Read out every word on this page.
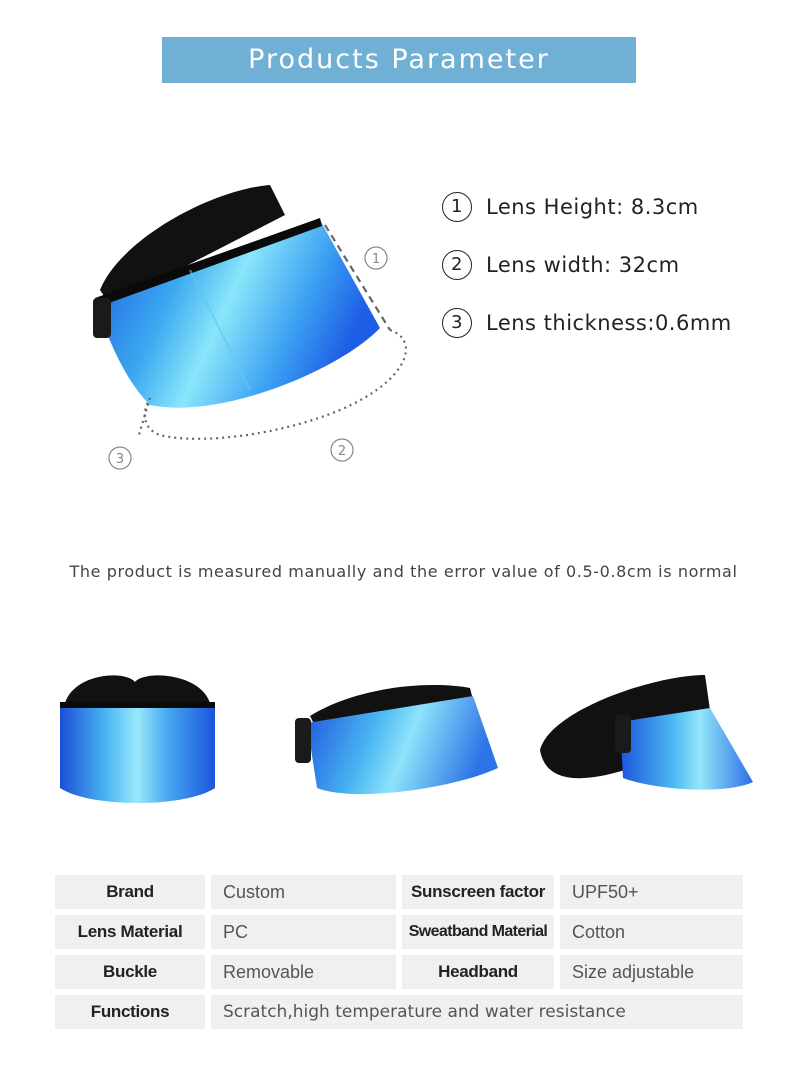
Products Parameter
1
2
3
1	Lens Height: 8.3cm
2	Lens width: 32cm
3	Lens thickness:0.6mm
The product is measured manually and the error value of 0.5-0.8cm is normal
Brand	Custom	Sunscreen factor	UPF50+
Lens Material	PC	Sweatband Material	Cotton
Buckle	Removable	Headband	Size adjustable
Functions	Scratch,high temperature and water resistance
